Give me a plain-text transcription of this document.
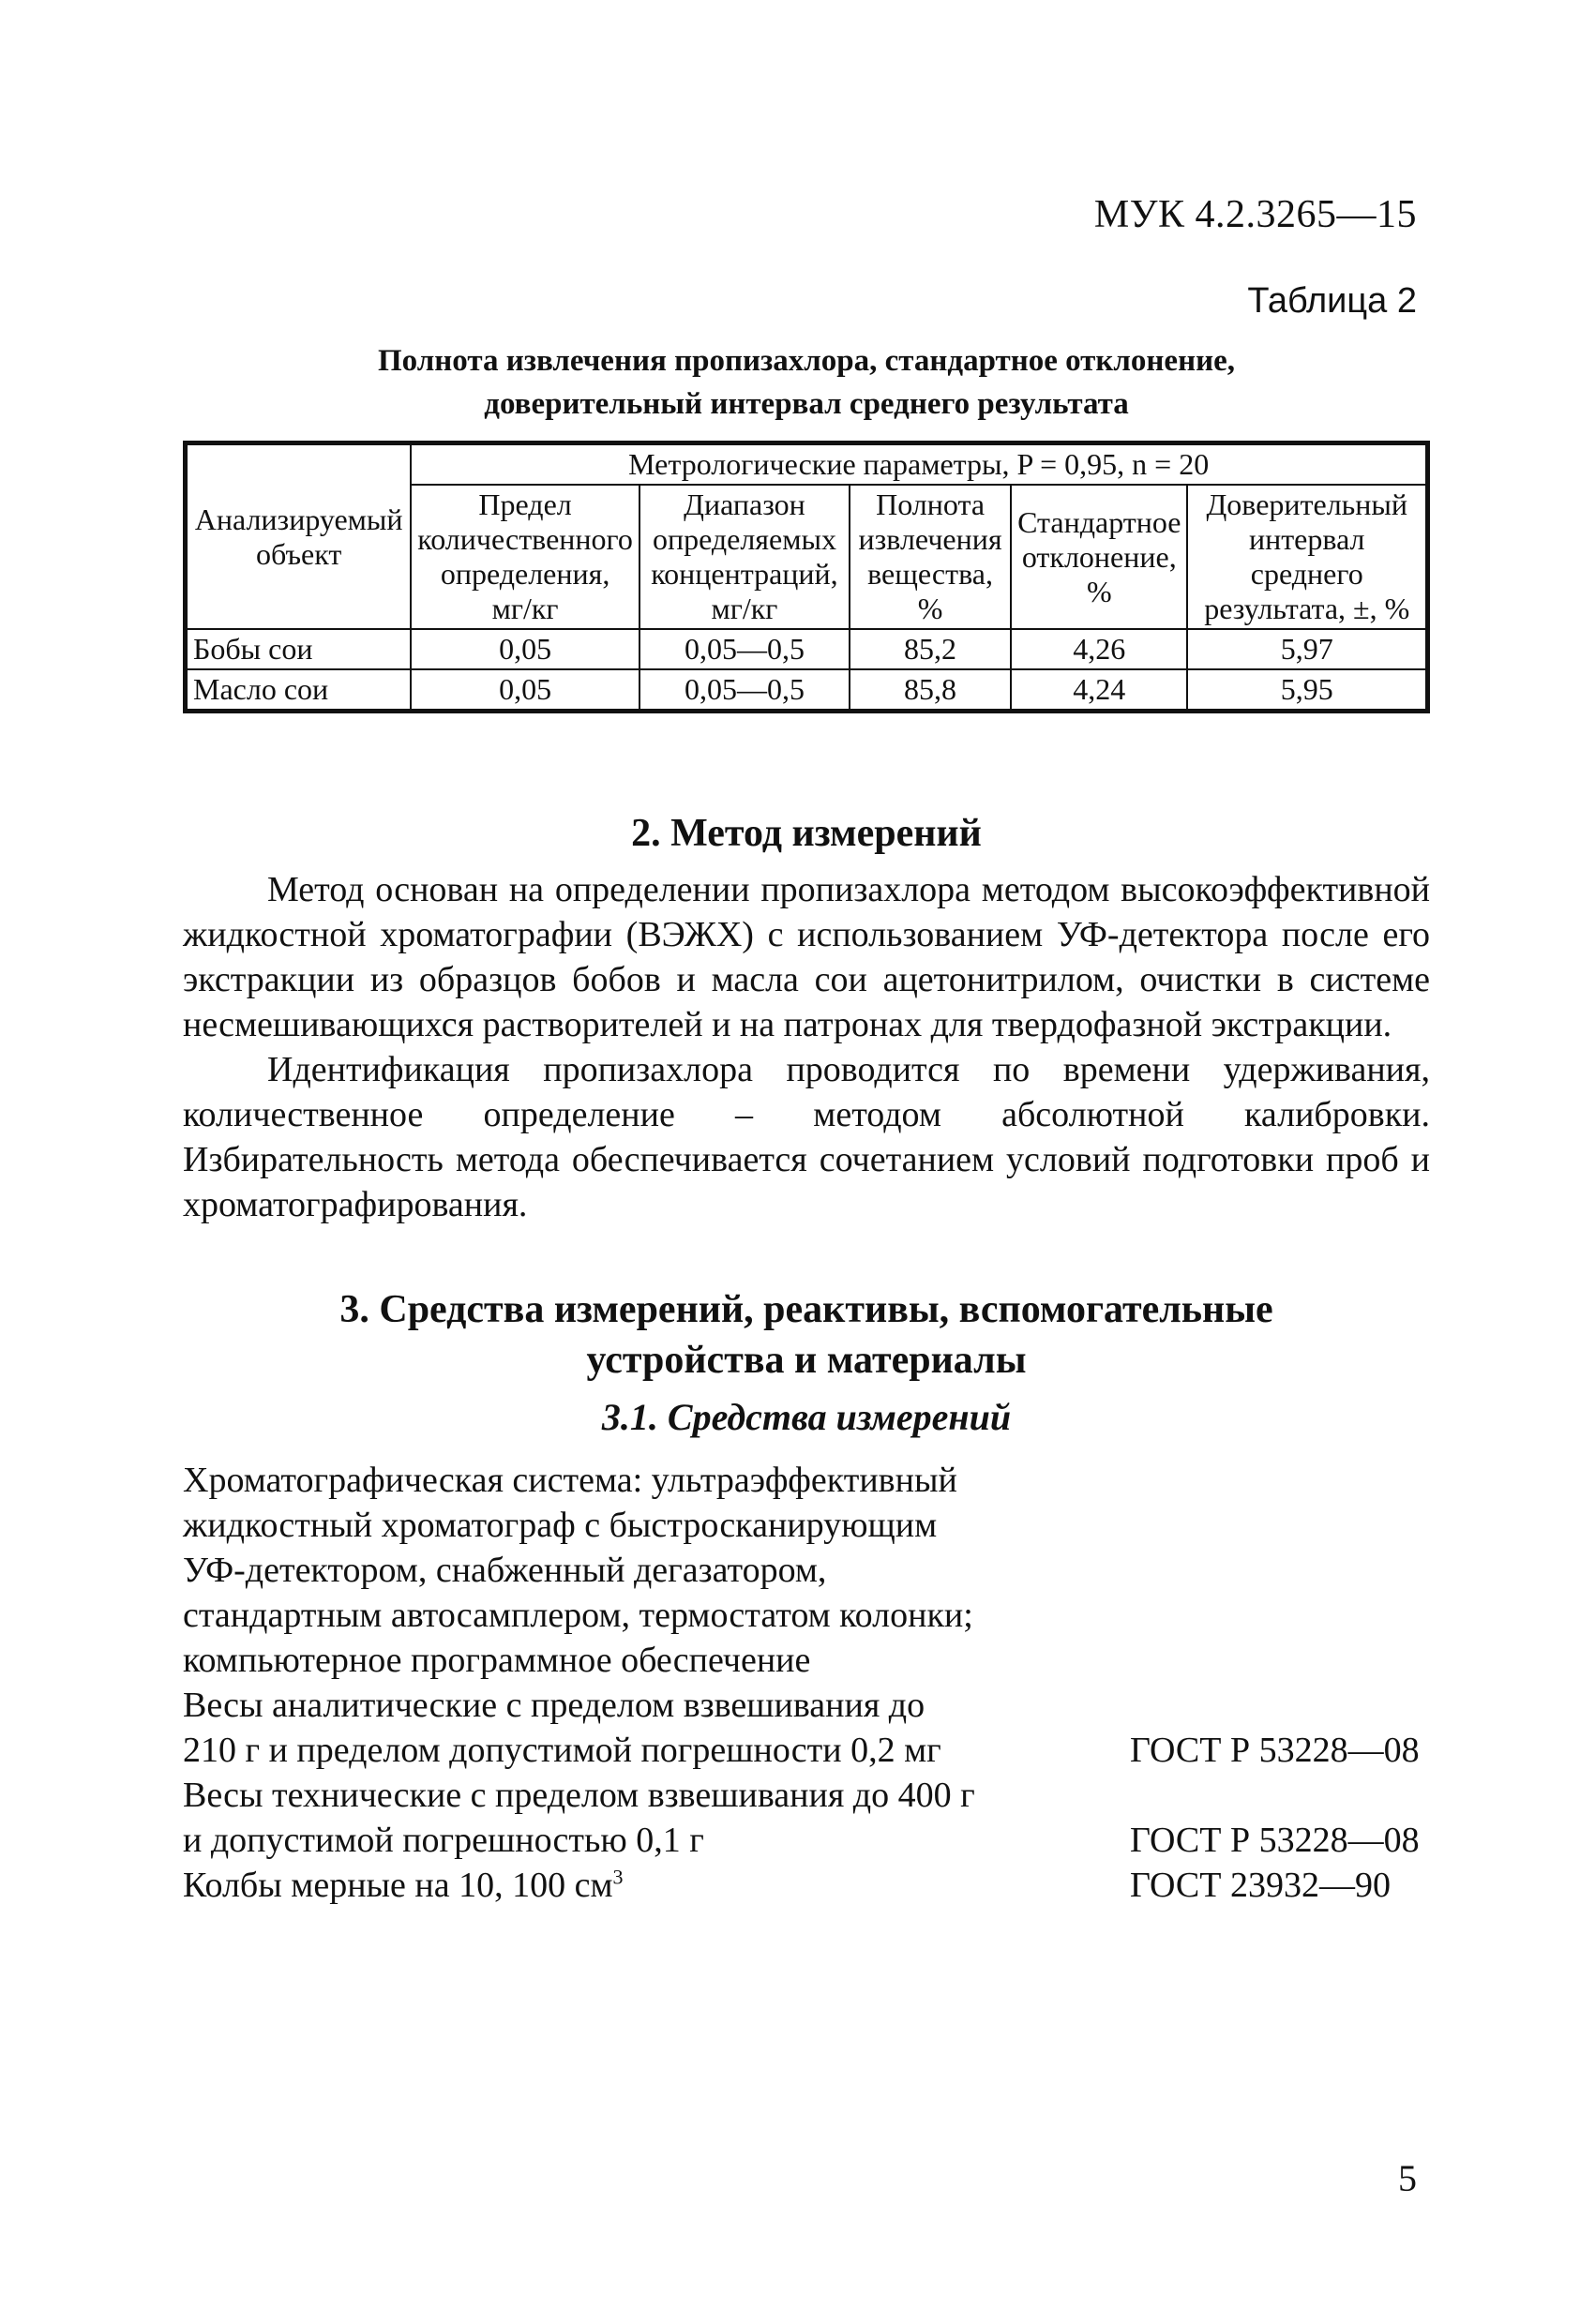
МУК 4.2.3265—15
Таблица 2
Полнота извлечения пропизахлора, стандартное отклонение,
доверительный интервал среднего результата
Анализируемый объект	Метрологические параметры, P = 0,95, n = 20				
	Предел количественного определения, мг/кг	Диапазон определяемых концентраций, мг/кг	Полнота извлечения вещества, %	Стандартное отклонение, %	Доверительный интервал среднего результата, ±, %
Бобы сои	0,05	0,05—0,5	85,2	4,26	5,97
Масло сои	0,05	0,05—0,5	85,8	4,24	5,95
2. Метод измерений

Метод основан на определении пропизахлора методом высокоэффективной жидкостной хроматографии (ВЭЖХ) с использованием УФ-детектора после его экстракции из образцов бобов и масла сои ацетонитрилом, очистки в системе несмешивающихся растворителей и на патронах для твердофазной экстракции.

Идентификация пропизахлора проводится по времени удерживания, количественное определение – методом абсолютной калибровки. Избирательность метода обеспечивается сочетанием условий подготовки проб и хроматографирования.

3. Средства измерений, реактивы, вспомогательные
устройства и материалы
3.1. Средства измерений
Хроматографическая система: ультраэффективный жидкостный хроматограф с быстросканирующим УФ-детектором, снабженный дегазатором, стандартным автосамплером, термостатом колонки; компьютерное программное обеспечение
Весы аналитические с пределом взвешивания до 210 г и пределом допустимой погрешности 0,2 мг	ГОСТ Р 53228—08
Весы технические с пределом взвешивания до 400 г и допустимой погрешностью 0,1 г	ГОСТ Р 53228—08
Колбы мерные на 10, 100 $см^3$	ГОСТ 23932—90
5
